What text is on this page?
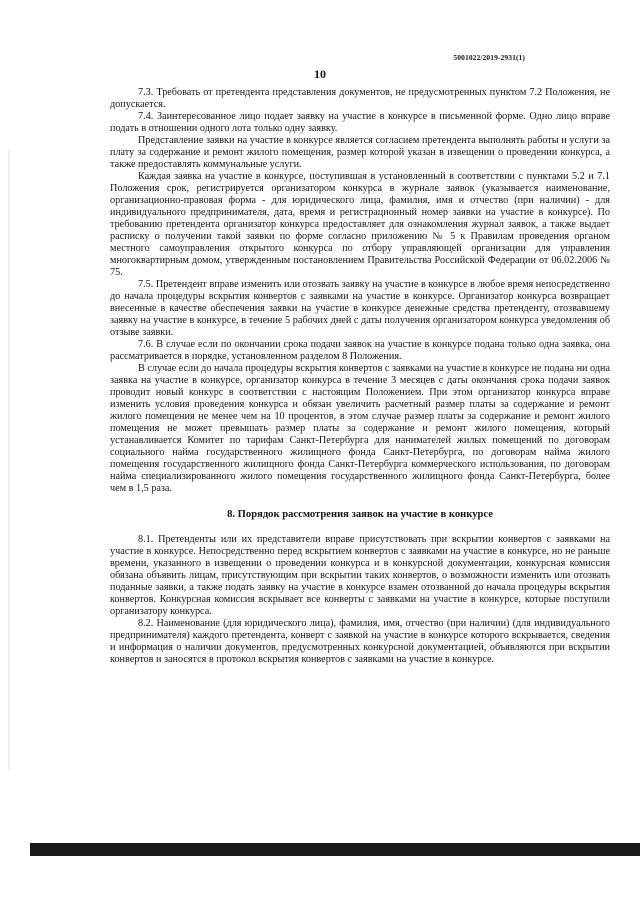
5001022/2019-2931(1)
10

7.3. Требовать от претендента представления документов, не предусмотренных пунктом 7.2 Положения, не допускается.

7.4. Заинтересованное лицо подает заявку на участие в конкурсе в письменной форме. Одно лицо вправе подать в отношении одного лота только одну заявку.

Представление заявки на участие в конкурсе является согласием претендента выполнять работы и услуги за плату за содержание и ремонт жилого помещения, размер которой указан в извещении о проведении конкурса, а также предоставлять коммунальные услуги.

Каждая заявка на участие в конкурсе, поступившая в установленный в соответствии с пунктами 5.2 и 7.1 Положения срок, регистрируется организатором конкурса в журнале заявок (указывается наименование, организационно-правовая форма - для юридического лица, фамилия, имя и отчество (при наличии) - для индивидуального предпринимателя, дата, время и регистрационный номер заявки на участие в конкурсе). По требованию претендента организатор конкурса предоставляет для ознакомления журнал заявок, а также выдает расписку о получении такой заявки по форме согласно приложению № 5 к Правилам проведения органом местного самоуправления открытого конкурса по отбору управляющей организации для управления многоквартирным домом, утвержденным постановлением Правительства Российской Федерации от 06.02.2006 № 75.

7.5. Претендент вправе изменить или отозвать заявку на участие в конкурсе в любое время непосредственно до начала процедуры вскрытия конвертов с заявками на участие в конкурсе. Организатор конкурса возвращает внесенные в качестве обеспечения заявки на участие в конкурсе денежные средства претенденту, отозвавшему заявку на участие в конкурсе, в течение 5 рабочих дней с даты получения организатором конкурса уведомления об отзыве заявки.

7.6. В случае если по окончании срока подачи заявок на участие в конкурсе подана только одна заявка, она рассматривается в порядке, установленном разделом 8 Положения.

В случае если до начала процедуры вскрытия конвертов с заявками на участие в конкурсе не подана ни одна заявка на участие в конкурсе, организатор конкурса в течение 3 месяцев с даты окончания срока подачи заявок проводит новый конкурс в соответствии с настоящим Положением. При этом организатор конкурса вправе изменить условия проведения конкурса и обязан увеличить расчетный размер платы за содержание и ремонт жилого помещения не менее чем на 10 процентов, в этом случае размер платы за содержание и ремонт жилого помещения не может превышать размер платы за содержание и ремонт жилого помещения, который устанавливается Комитет по тарифам Санкт-Петербурга для нанимателей жилых помещений по договорам социального найма государственного жилищного фонда Санкт-Петербурга, по договорам найма жилого помещения государственного жилищного фонда Санкт-Петербурга коммерческого использования, по договорам найма специализированного жилого помещения государственного жилищного фонда Санкт-Петербурга, более чем в 1,5 раза.

8. Порядок рассмотрения заявок на участие в конкурсе

8.1. Претенденты или их представители вправе присутствовать при вскрытии конвертов с заявками на участие в конкурсе. Непосредственно перед вскрытием конвертов с заявками на участие в конкурсе, но не раньше времени, указанного в извещении о проведении конкурса и в конкурсной документации, конкурсная комиссия обязана объявить лицам, присутствующим при вскрытии таких конвертов, о возможности изменить или отозвать поданные заявки, а также подать заявку на участие в конкурсе взамен отозванной до начала процедуры вскрытия конвертов. Конкурсная комиссия вскрывает все конверты с заявками на участие в конкурсе, которые поступили организатору конкурса.

8.2. Наименование (для юридического лица), фамилия, имя, отчество (при наличии) (для индивидуального предпринимателя) каждого претендента, конверт с заявкой на участие в конкурсе которого вскрывается, сведения и информация о наличии документов, предусмотренных конкурсной документацией, объявляются при вскрытии конвертов и заносятся в протокол вскрытия конвертов с заявками на участие в конкурсе.
